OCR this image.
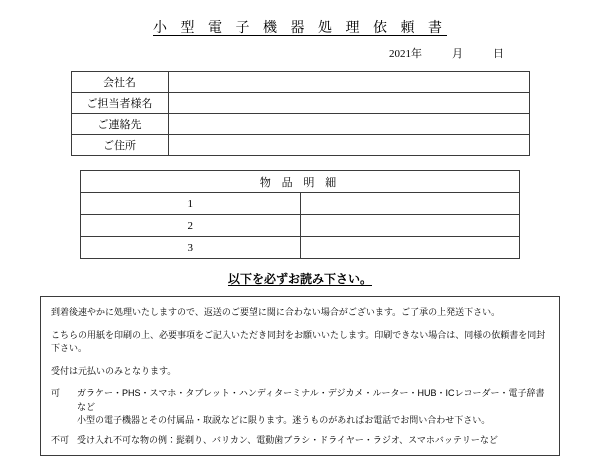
小 型 電 子 機 器 処 理 依 頼 書
2021年	月	日
会社名	
ご担当者様名	
ご連絡先	
ご住所	
物 品 明 細	
1	
2	
3	
以下を必ずお読み下さい。

到着後速やかに処理いたしますので、返送のご要望に関に合わない場合がございます。ご了承の上発送下さい。

こちらの用紙を印刷の上、必要事項をご記入いただき同封をお願いいたします。印刷できない場合は、同様の依頼書を同封下さい。

受付は元払いのみとなります。

可	ガラケー・PHS・スマホ・タブレット・ハンディターミナル・デジカメ・ルーター・HUB・ICレコーダー・電子辞書など
小型の電子機器とその付属品・取説などに限ります。迷うものがあればお電話でお問い合わせ下さい。
不可 受け入れ不可な物の例：髭剃り、バリカン、電動歯ブラシ・ドライヤー・ラジオ、スマホバッテリーなど
